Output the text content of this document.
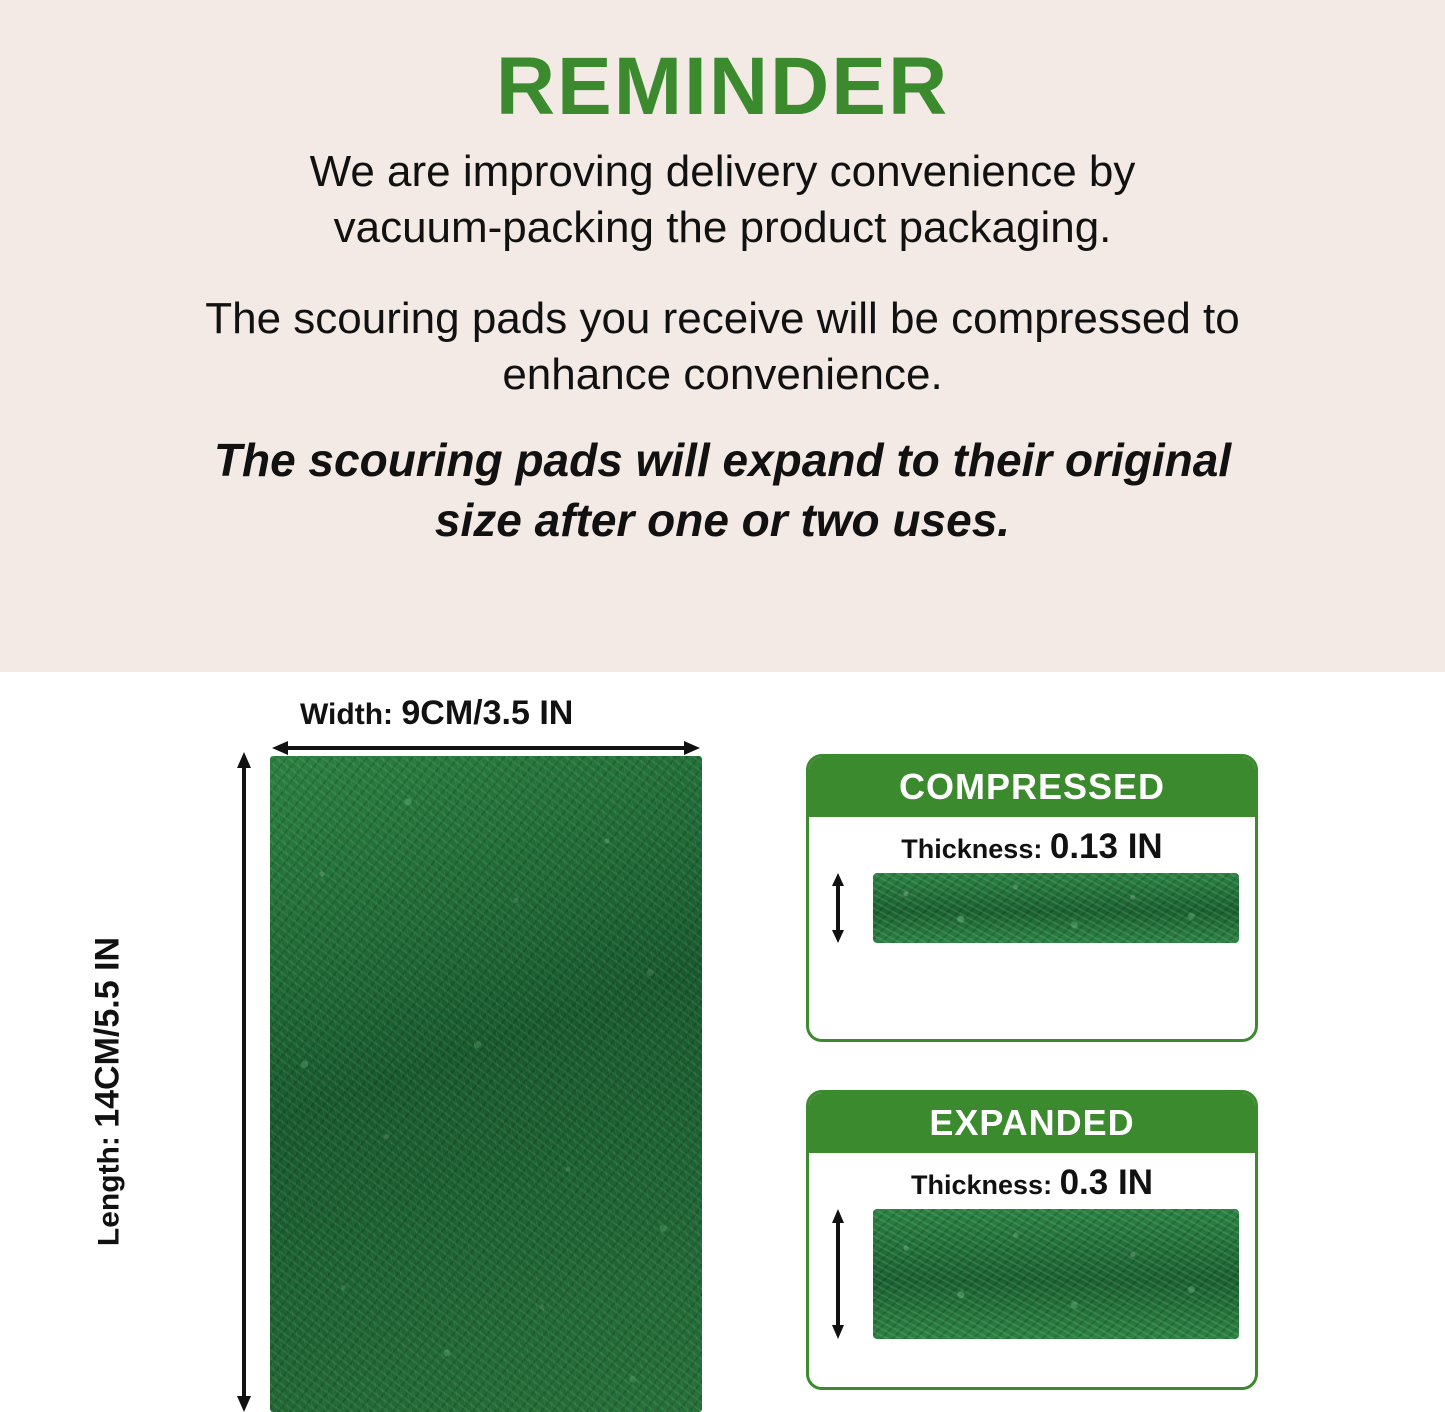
REMINDER
We are improving delivery convenience by vacuum-packing the product packaging.
The scouring pads you receive will be compressed to enhance convenience.
The scouring pads will expand to their original size after one or two uses.
Width: 9CM/3.5 IN
Length: 14CM/5.5 IN
COMPRESSED
Thickness: 0.13 IN
EXPANDED
Thickness: 0.3 IN
